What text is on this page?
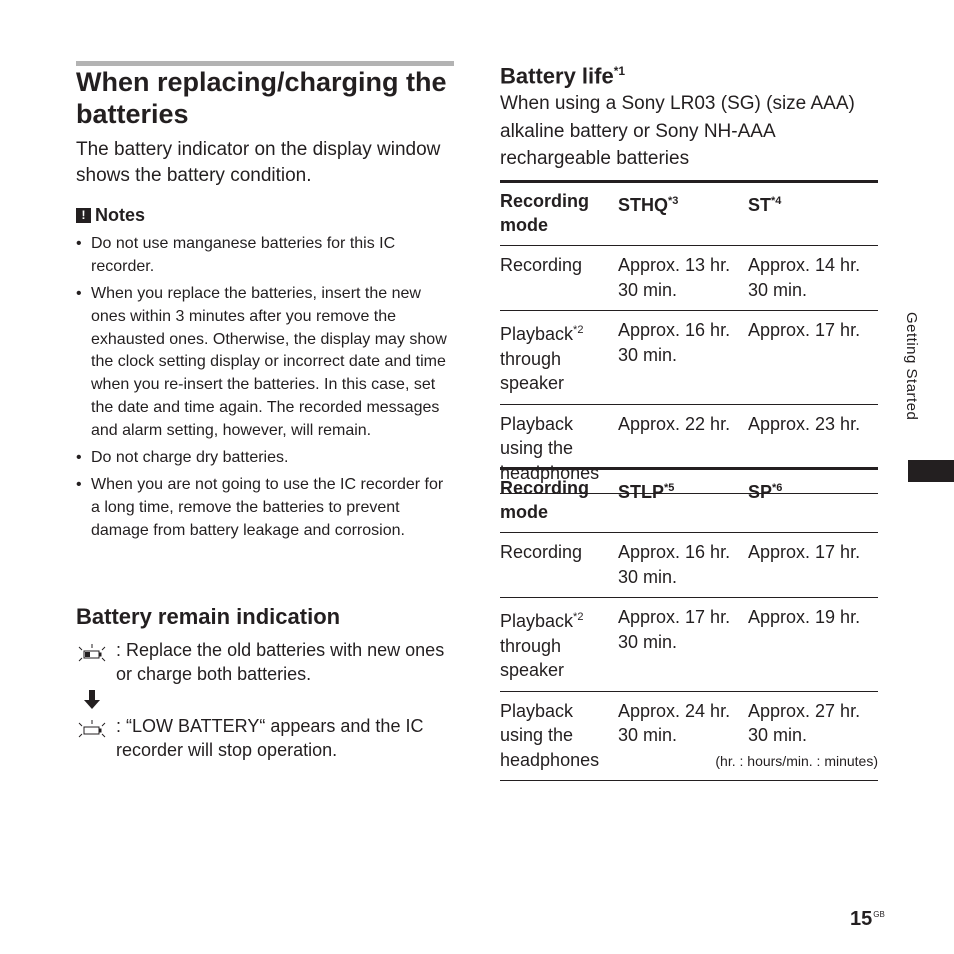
When replacing/charging the batteries

The battery indicator on the display window shows the battery condition.

! Notes
• Do not use manganese batteries for this IC recorder.
• When you replace the batteries, insert the new ones within 3 minutes after you remove the exhausted ones. Otherwise, the display may show the clock setting display or incorrect date and time when you re-insert the batteries. In this case, set the date and time again. The recorded messages and alarm setting, however, will remain.
• Do not charge dry batteries.
• When you are not going to use the IC recorder for a long time, remove the batteries to prevent damage from battery leakage and corrosion.
Battery remain indication
: Replace the old batteries with new ones or charge both batteries.
: “LOW BATTERY“ appears and the IC recorder will stop operation.
Battery life$^{*1}$

When using a Sony LR03 (SG) (size AAA) alkaline battery or Sony NH-AAA rechargeable batteries

Recording mode	STHQ$^{*3}$	ST$^{*4}$
Recording	Approx. 13 hr. 30 min.	Approx. 14 hr. 30 min.
Playback$^{*2}$ through speaker	Approx. 16 hr. 30 min.	Approx. 17 hr.
Playback using the headphones	Approx. 22 hr.	Approx. 23 hr.
Recording mode	STLP$^{*5}$	SP$^{*6}$
Recording	Approx. 16 hr. 30 min.	Approx. 17 hr.
Playback$^{*2}$ through speaker	Approx. 17 hr. 30 min.	Approx. 19 hr.
Playback using the headphones	Approx. 24 hr. 30 min.	Approx. 27 hr. 30 min.
(hr. : hours/min. : minutes)
Getting Started
$15^{GB}$
